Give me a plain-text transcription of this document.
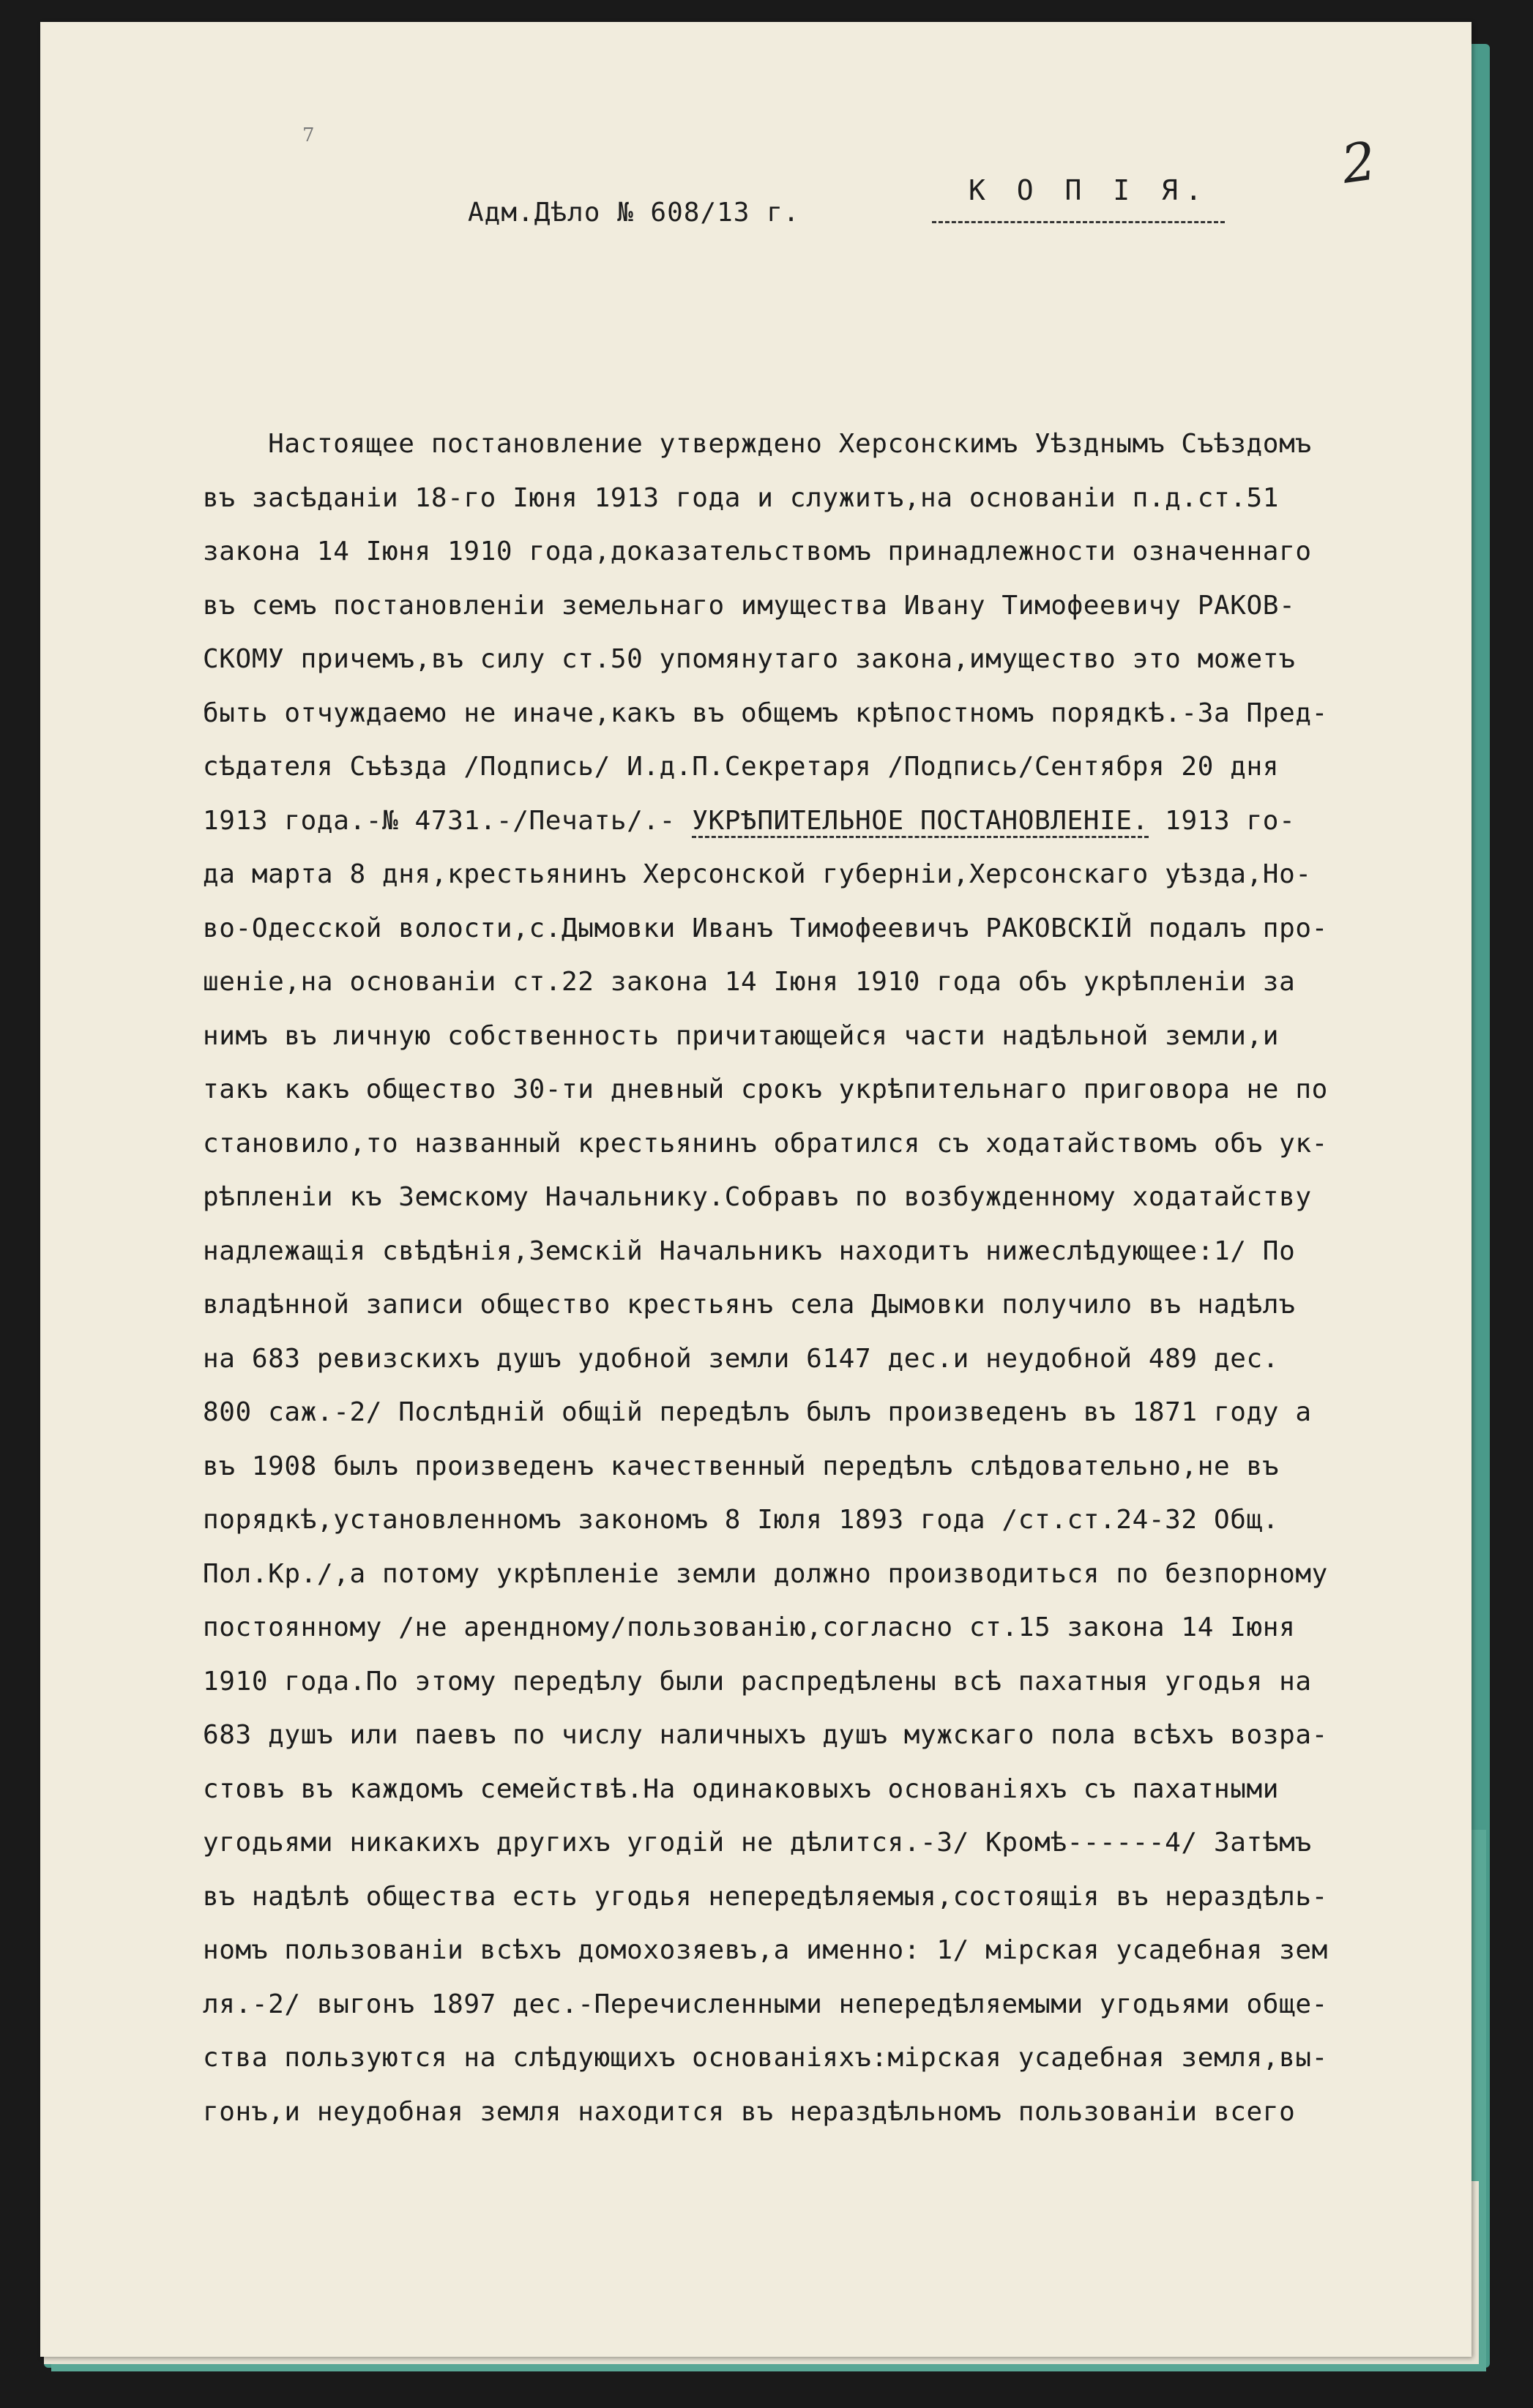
7	2
Адм.Дѣло № 608/13 г.
К О П І Я.
Настоящее постановление утверждено Херсонскимъ Уѣзднымъ Съѣздомъ
въ засѣданіи 18-го Іюня 1913 года и служитъ,на основаніи п.д.ст.51
закона 14 Іюня 1910 года,доказательствомъ принадлежности означеннаго
въ семъ постановленіи земельнаго имущества Ивану Тимофеевичу РАКОВ-
СКОМУ причемъ,въ силу ст.50 упомянутаго закона,имущество это можетъ
быть отчуждаемо не иначе,какъ въ общемъ крѣпостномъ порядкѣ.-За Пред-
сѣдателя Съѣзда /Подпись/ И.д.П.Секретаря /Подпись/Сентября 20 дня
1913 года.-№ 4731.-/Печать/.- УКРѢПИТЕЛЬНОЕ ПОСТАНОВЛЕНІЕ. 1913 го-
да марта 8 дня,крестьянинъ Херсонской губерніи,Херсонскаго уѣзда,Но-
во-Одесской волости,с.Дымовки Иванъ Тимофеевичъ РАКОВСКІЙ подалъ про-
шеніе,на основаніи ст.22 закона 14 Іюня 1910 года объ укрѣпленіи за
нимъ въ личную собственность причитающейся части надѣльной земли,и
такъ какъ общество 30-ти дневный срокъ укрѣпительнаго приговора не по
становило,то названный крестьянинъ обратился съ ходатайствомъ объ ук-
рѣпленіи къ Земскому Начальнику.Собравъ по возбужденному ходатайству
надлежащія свѣдѣнія,Земскій Начальникъ находитъ нижеслѣдующее:1/ По
владѣнной записи общество крестьянъ села Дымовки получило въ надѣлъ
на 683 ревизскихъ душъ удобной земли 6147 дес.и неудобной 489 дес.
800 саж.-2/ Послѣдній общій передѣлъ былъ произведенъ въ 1871 году а
въ 1908 былъ произведенъ качественный передѣлъ слѣдовательно,не въ
порядкѣ,установленномъ закономъ 8 Іюля 1893 года /ст.ст.24-32 Общ.
Пол.Кр./,а потому укрѣпленіе земли должно производиться по безпорному
постоянному /не арендному/пользованію,согласно ст.15 закона 14 Іюня
1910 года.По этому передѣлу были распредѣлены всѣ пахатныя угодья на
683 душъ или паевъ по числу наличныхъ душъ мужскаго пола всѣхъ возра-
стовъ въ каждомъ семействѣ.На одинаковыхъ основаніяхъ съ пахатными
угодьями никакихъ другихъ угодій не дѣлится.-3/ Кромѣ------4/ Затѣмъ
въ надѣлѣ общества есть угодья непередѣляемыя,состоящія въ нераздѣль-
номъ пользованіи всѣхъ домохозяевъ,а именно: 1/ мірская усадебная зем
ля.-2/ выгонъ 1897 дес.-Перечисленными непередѣляемыми угодьями обще-
ства пользуются на слѣдующихъ основаніяхъ:мірская усадебная земля,вы-
гонъ,и неудобная земля находится въ нераздѣльномъ пользованіи всего
